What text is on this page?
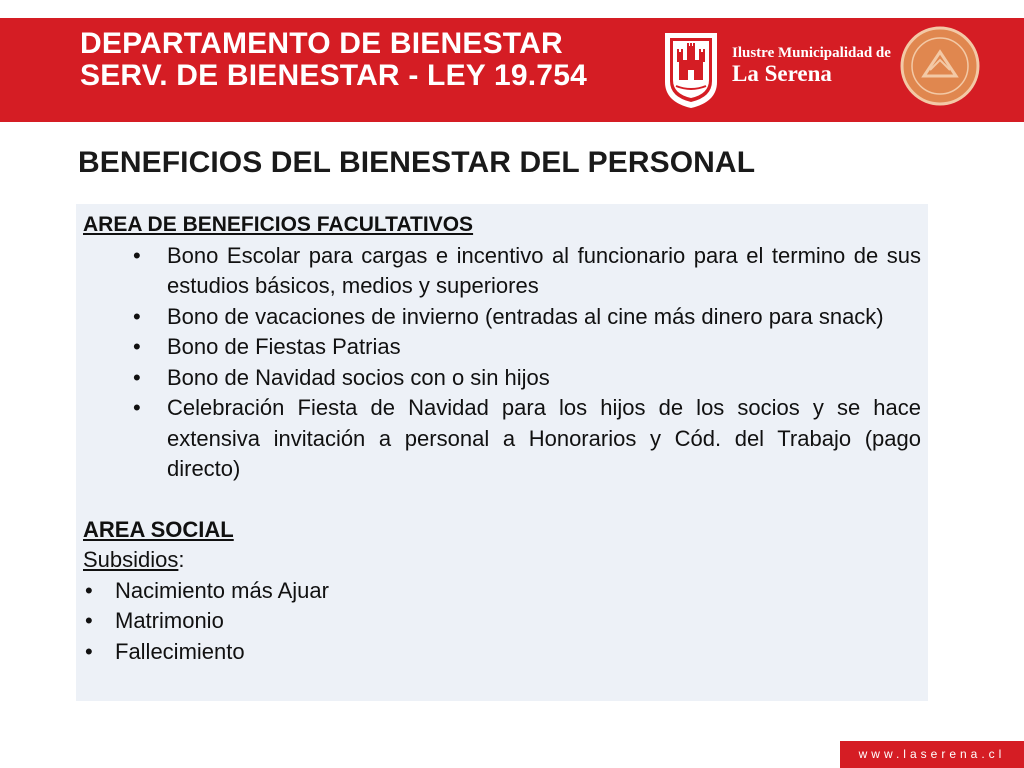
DEPARTAMENTO DE BIENESTAR
SERV. DE BIENESTAR - LEY 19.754
Ilustre Municipalidad de
La Serena
BENEFICIOS DEL BIENESTAR DEL PERSONAL
AREA DE BENEFICIOS FACULTATIVOS
• Bono Escolar para cargas e incentivo al funcionario para el termino de sus estudios básicos, medios y superiores
• Bono de vacaciones de invierno (entradas al cine más dinero para snack)
• Bono de Fiestas Patrias
• Bono de Navidad socios con o sin hijos
• Celebración Fiesta de Navidad para los hijos de los socios y se hace extensiva invitación a personal a Honorarios y Cód. del Trabajo (pago directo)
AREA SOCIAL
Subsidios:
• Nacimiento más Ajuar
• Matrimonio
• Fallecimiento
www.laserena.cl
